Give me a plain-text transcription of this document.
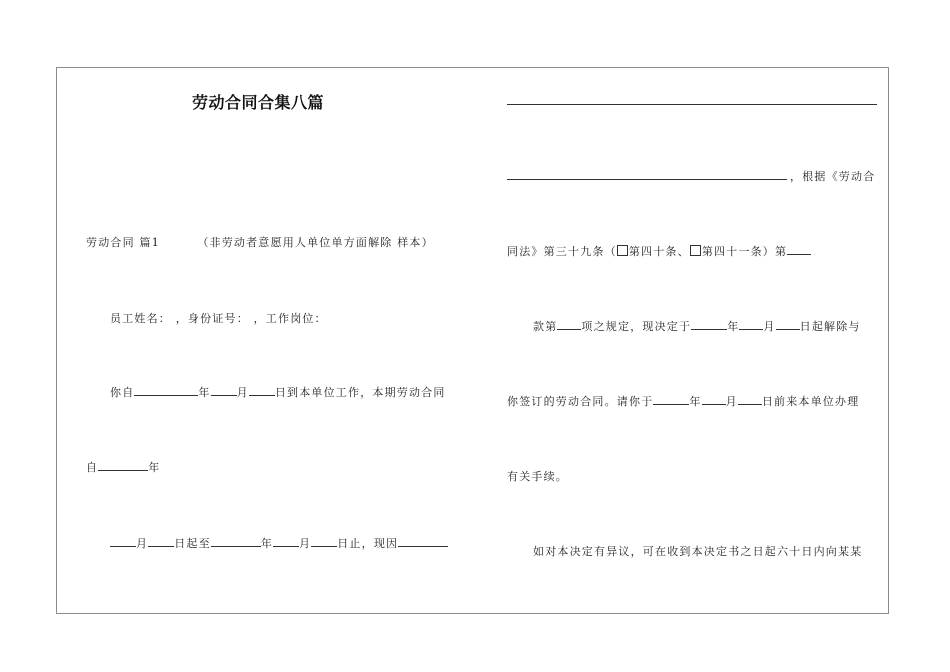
劳动合同合集八篇
劳动合同 篇1	（非劳动者意愿用人单位单方面解除 样本）
员工姓名： ，身份证号： ，工作岗位：
你自	年 月 日到本单位工作，本期劳动合同
自	年
月 日起至	年 月 日止，现因
，根据《劳动合
同法》第三十九条（ 第四十条、 第四十一条）第
款第 项之规定，现决定于	年 月 日起解除与
你签订的劳动合同。请你于	年 月 日前来本单位办理
有关手续。
如对本决定有异议，可在收到本决定书之日起六十日内向某某
